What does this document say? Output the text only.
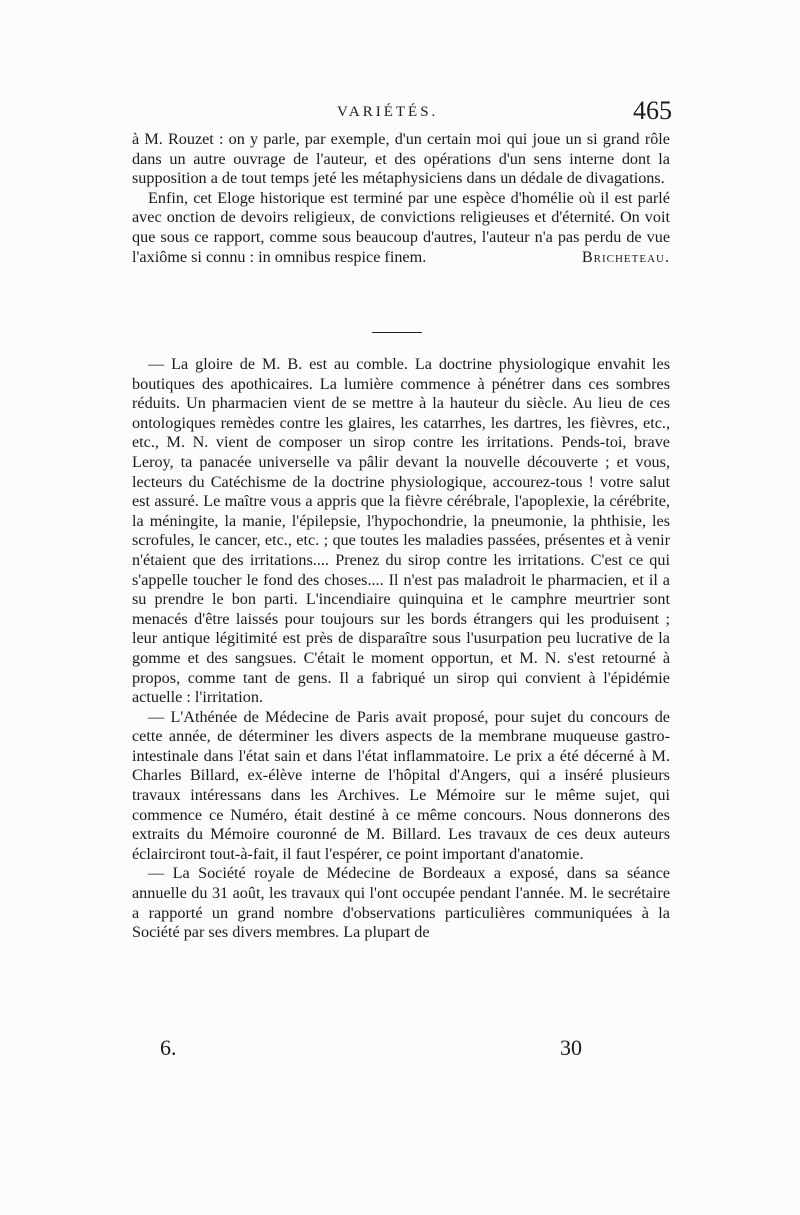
VARIÉTÉS.	465

à M. Rouzet : on y parle, par exemple, d'un certain moi qui joue un si grand rôle dans un autre ouvrage de l'auteur, et des opérations d'un sens interne dont la supposition a de tout temps jeté les métaphysiciens dans un dédale de divagations.

Enfin, cet Eloge historique est terminé par une espèce d'homélie où il est parlé avec onction de devoirs religieux, de convictions religieuses et d'éternité. On voit que sous ce rapport, comme sous beaucoup d'autres, l'auteur n'a pas perdu de vue l'axiôme si connu : in omnibus respice finem.	Bricheteau.

— La gloire de M. B. est au comble. La doctrine physiologique envahit les boutiques des apothicaires. La lumière commence à pénétrer dans ces sombres réduits. Un pharmacien vient de se mettre à la hauteur du siècle. Au lieu de ces ontologiques remèdes contre les glaires, les catarrhes, les dartres, les fièvres, etc., etc., M. N. vient de composer un sirop contre les irritations. Pends-toi, brave Leroy, ta panacée universelle va pâlir devant la nouvelle découverte ; et vous, lecteurs du Catéchisme de la doctrine physiologique, accourez-tous ! votre salut est assuré. Le maître vous a appris que la fièvre cérébrale, l'apoplexie, la cérébrite, la méningite, la manie, l'épilepsie, l'hypochondrie, la pneumonie, la phthisie, les scrofules, le cancer, etc., etc. ; que toutes les maladies passées, présentes et à venir n'étaient que des irritations.... Prenez du sirop contre les irritations. C'est ce qui s'appelle toucher le fond des choses.... Il n'est pas maladroit le pharmacien, et il a su prendre le bon parti. L'incendiaire quinquina et le camphre meurtrier sont menacés d'être laissés pour toujours sur les bords étrangers qui les produisent ; leur antique légitimité est près de disparaître sous l'usurpation peu lucrative de la gomme et des sangsues. C'était le moment opportun, et M. N. s'est retourné à propos, comme tant de gens. Il a fabriqué un sirop qui convient à l'épidémie actuelle : l'irritation.

— L'Athénée de Médecine de Paris avait proposé, pour sujet du concours de cette année, de déterminer les divers aspects de la membrane muqueuse gastro-intestinale dans l'état sain et dans l'état inflammatoire. Le prix a été décerné à M. Charles Billard, ex-élève interne de l'hôpital d'Angers, qui a inséré plusieurs travaux intéressans dans les Archives. Le Mémoire sur le même sujet, qui commence ce Numéro, était destiné à ce même concours. Nous donnerons des extraits du Mémoire couronné de M. Billard. Les travaux de ces deux auteurs éclairciront tout-à-fait, il faut l'espérer, ce point important d'anatomie.

— La Société royale de Médecine de Bordeaux a exposé, dans sa séance annuelle du 31 août, les travaux qui l'ont occupée pendant l'année. M. le secrétaire a rapporté un grand nombre d'observations particulières communiquées à la Société par ses divers membres. La plupart de

6.	30
